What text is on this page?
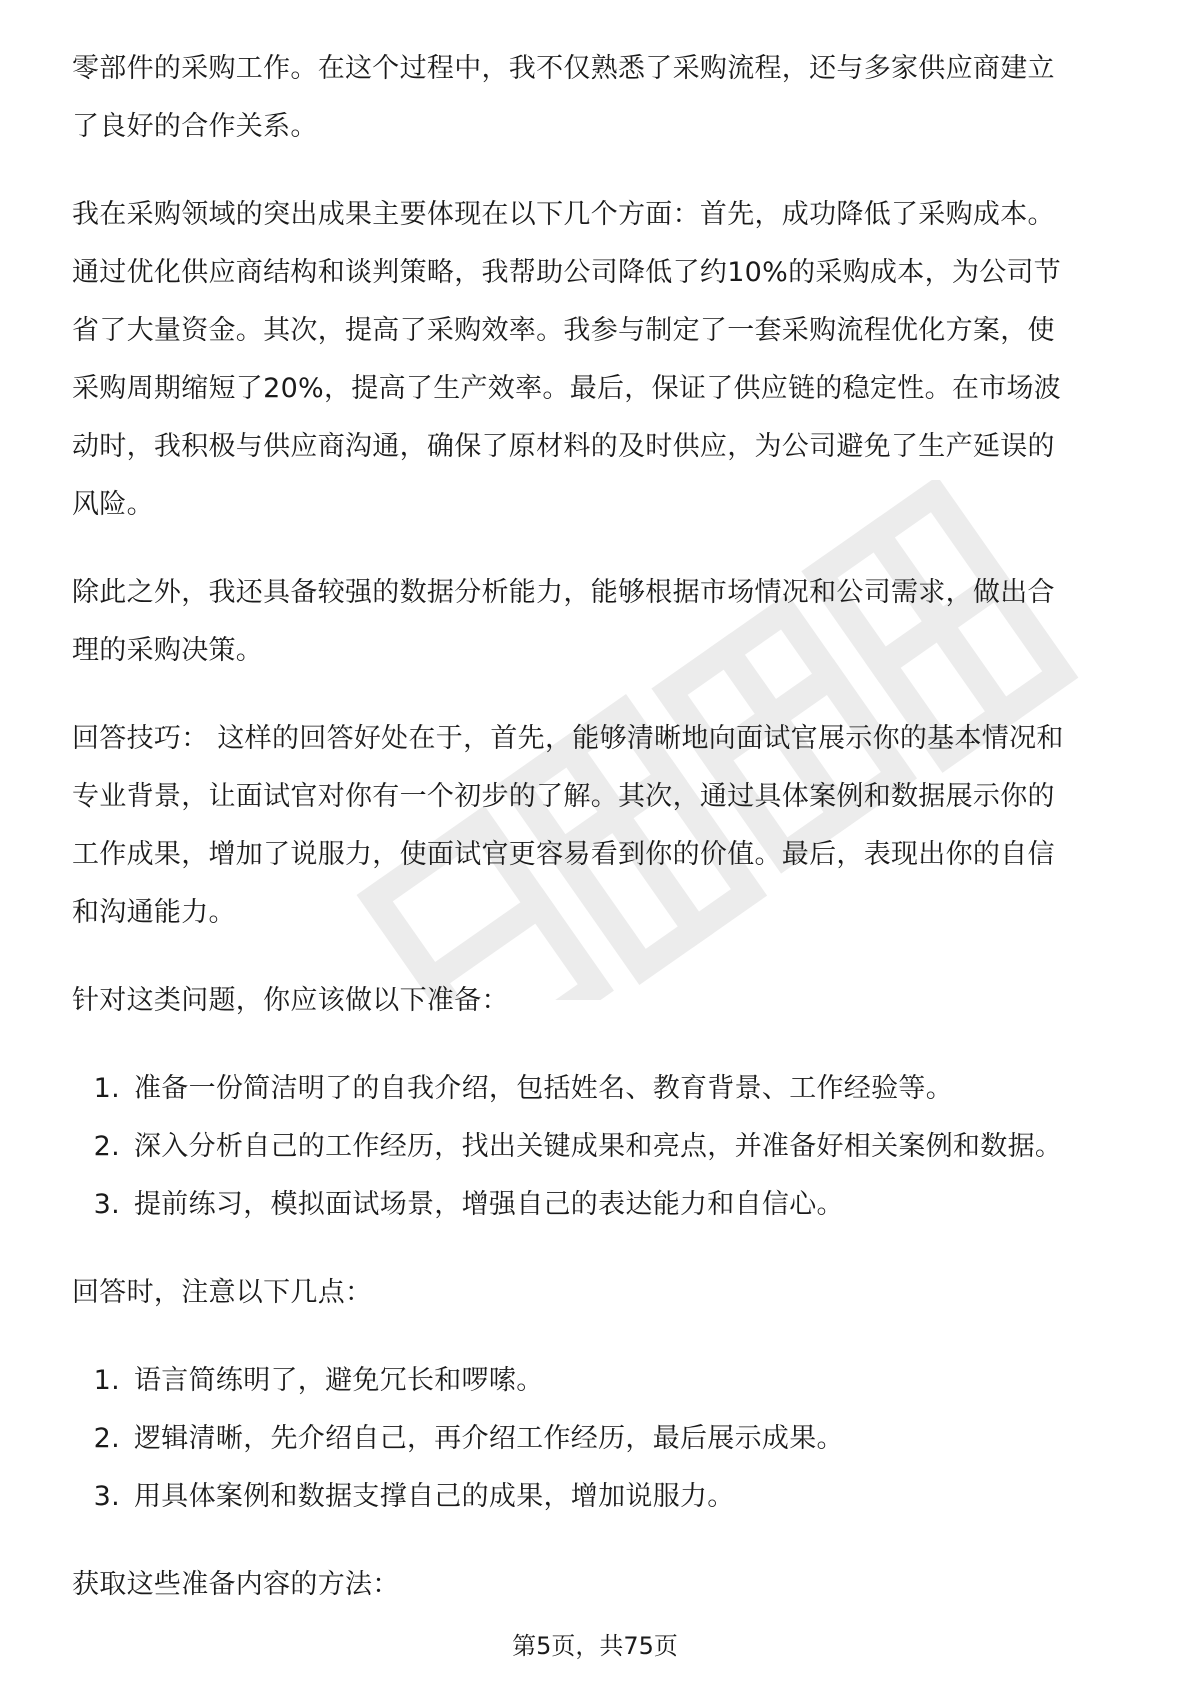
零部件的采购工作。在这个过程中，我不仅熟悉了采购流程，还与多家供应商建立
了良好的合作关系。

我在采购领域的突出成果主要体现在以下几个方面：首先，成功降低了采购成本。
通过优化供应商结构和谈判策略，我帮助公司降低了约10%的采购成本，为公司节
省了大量资金。其次，提高了采购效率。我参与制定了一套采购流程优化方案，使
采购周期缩短了20%，提高了生产效率。最后，保证了供应链的稳定性。在市场波
动时，我积极与供应商沟通，确保了原材料的及时供应，为公司避免了生产延误的
风险。

除此之外，我还具备较强的数据分析能力，能够根据市场情况和公司需求，做出合
理的采购决策。

回答技巧： 这样的回答好处在于，首先，能够清晰地向面试官展示你的基本情况和
专业背景，让面试官对你有一个初步的了解。其次，通过具体案例和数据展示你的
工作成果，增加了说服力，使面试官更容易看到你的价值。最后，表现出你的自信
和沟通能力。

针对这类问题，你应该做以下准备：

1. 准备一份简洁明了的自我介绍，包括姓名、教育背景、工作经验等。
2. 深入分析自己的工作经历，找出关键成果和亮点，并准备好相关案例和数据。
3. 提前练习，模拟面试场景，增强自己的表达能力和自信心。

回答时，注意以下几点：

1. 语言简练明了，避免冗长和啰嗦。
2. 逻辑清晰，先介绍自己，再介绍工作经历，最后展示成果。
3. 用具体案例和数据支撑自己的成果，增加说服力。

获取这些准备内容的方法：

第5页，共75页
